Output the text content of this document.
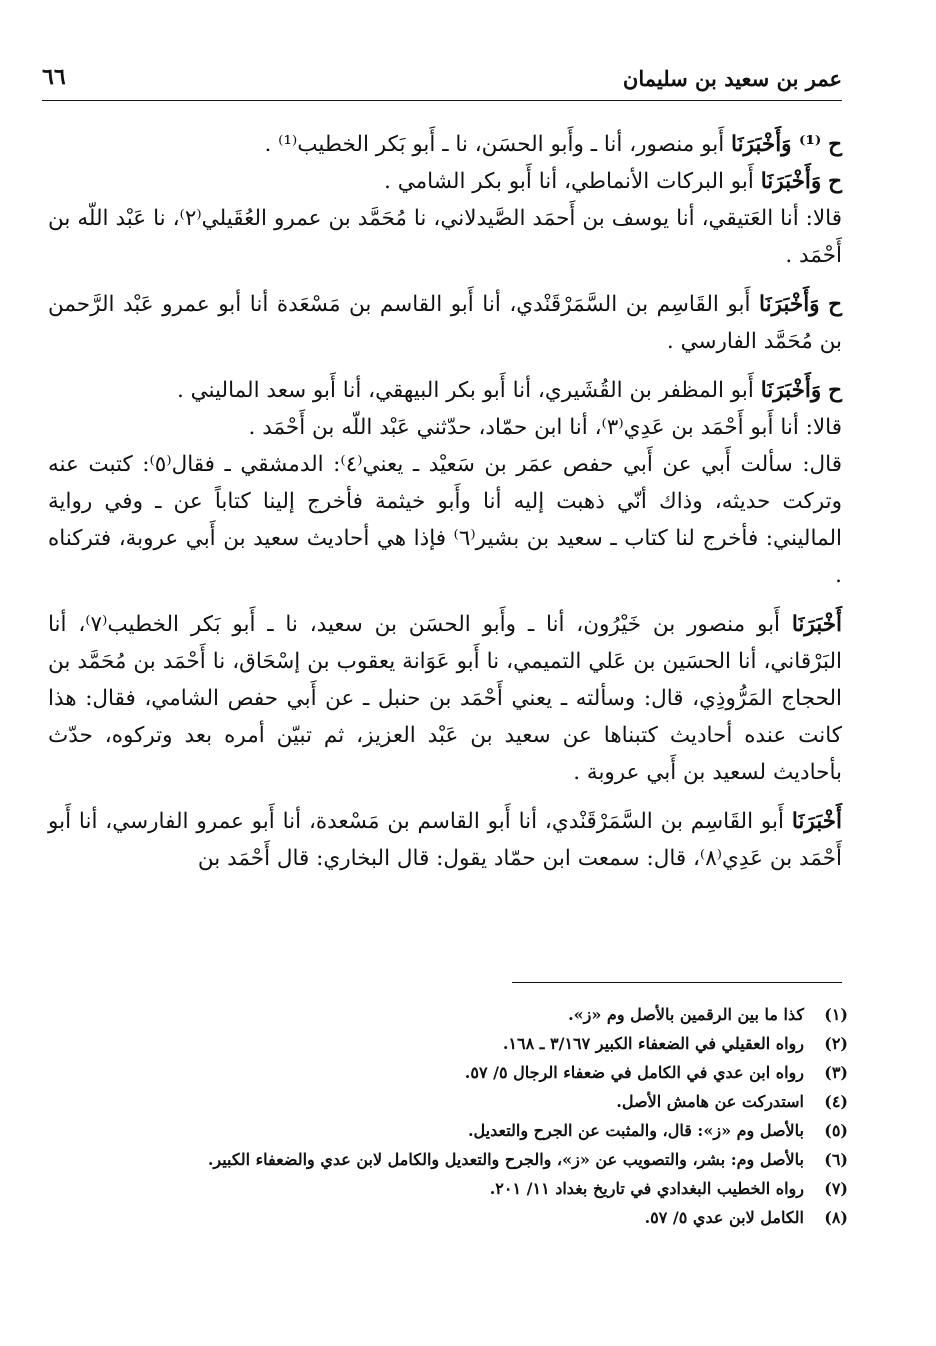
عمر بن سعيد بن سليمان
٦٦

ح ⁽¹⁾ وَأَخْبَرَنَا أَبو منصور، أنا ـ وأَبو الحسَن، نا ـ أَبو بَكر الخطيب⁽¹⁾ .

ح وَأَخْبَرَنَا أَبو البركات الأنماطي، أنا أَبو بكر الشامي .

قالا: أنا العَتيقي، أنا يوسف بن أَحمَد الصَّيدلاني، نا مُحَمَّد بن عمرو العُقَيلي⁽٢⁾، نا عَبْد اللّه بن أَحْمَد .

ح وَأَخْبَرَنَا أَبو القَاسِم بن السَّمَرْقَنْدي، أنا أَبو القاسم بن مَسْعَدة أنا أبو عمرو عَبْد الرَّحمن بن مُحَمَّد الفارسي .

ح وَأَخْبَرَنَا أَبو المظفر بن القُشَيري، أنا أَبو بكر البيهقي، أنا أَبو سعد الماليني .

قالا: أنا أَبو أَحْمَد بن عَدِي⁽٣⁾، أنا ابن حمّاد، حدّثني عَبْد اللّه بن أَحْمَد .

قال: سألت أَبي عن أَبي حفص عمَر بن سَعيْد ـ يعني⁽٤⁾: الدمشقي ـ فقال⁽٥⁾: كتبت عنه وتركت حديثه، وذاك أنّي ذهبت إليه أنا وأَبو خيثمة فأخرج إلينا كتاباً عن ـ وفي رواية الماليني: فأخرج لنا كتاب ـ سعيد بن بشير⁽٦⁾ فإذا هي أحاديث سعيد بن أَبي عروبة، فتركناه .

أَخْبَرَنَا أَبو منصور بن خَيْرُون، أنا ـ وأَبو الحسَن بن سعيد، نا ـ أَبو بَكر الخطيب⁽٧⁾، أنا البَرْقاني، أنا الحسَين بن عَلي التميمي، نا أَبو عَوَانة يعقوب بن إسْحَاق، نا أَحْمَد بن مُحَمَّد بن الحجاج المَرُّوذِي، قال: وسألته ـ يعني أَحْمَد بن حنبل ـ عن أَبي حفص الشامي، فقال: هذا كانت عنده أحاديث كتبناها عن سعيد بن عَبْد العزيز، ثم تبيّن أمره بعد وتركوه، حدّث بأحاديث لسعيد بن أَبي عروبة .

أَخْبَرَنَا أَبو القَاسِم بن السَّمَرْقَنْدي، أنا أَبو القاسم بن مَسْعدة، أنا أَبو عمرو الفارسي، أنا أَبو أَحْمَد بن عَدِي⁽٨⁾، قال: سمعت ابن حمّاد يقول: قال البخاري: قال أَحْمَد بن

(١)
كذا ما بين الرقمين بالأصل وم «ز».
(٢)
رواه العقيلي في الضعفاء الكبير ٣/١٦٧ ـ ١٦٨.
(٣)
رواه ابن عدي في الكامل في ضعفاء الرجال ٥/ ٥٧.
(٤)
استدركت عن هامش الأصل.
(٥)
بالأصل وم «ز»: قال، والمثبت عن الجرح والتعديل.
(٦)
بالأصل وم: بشر، والتصويب عن «ز»، والجرح والتعديل والكامل لابن عدي والضعفاء الكبير.
(٧)
رواه الخطيب البغدادي في تاريخ بغداد ١١/ ٢٠١.
(٨)
الكامل لابن عدي ٥/ ٥٧.
